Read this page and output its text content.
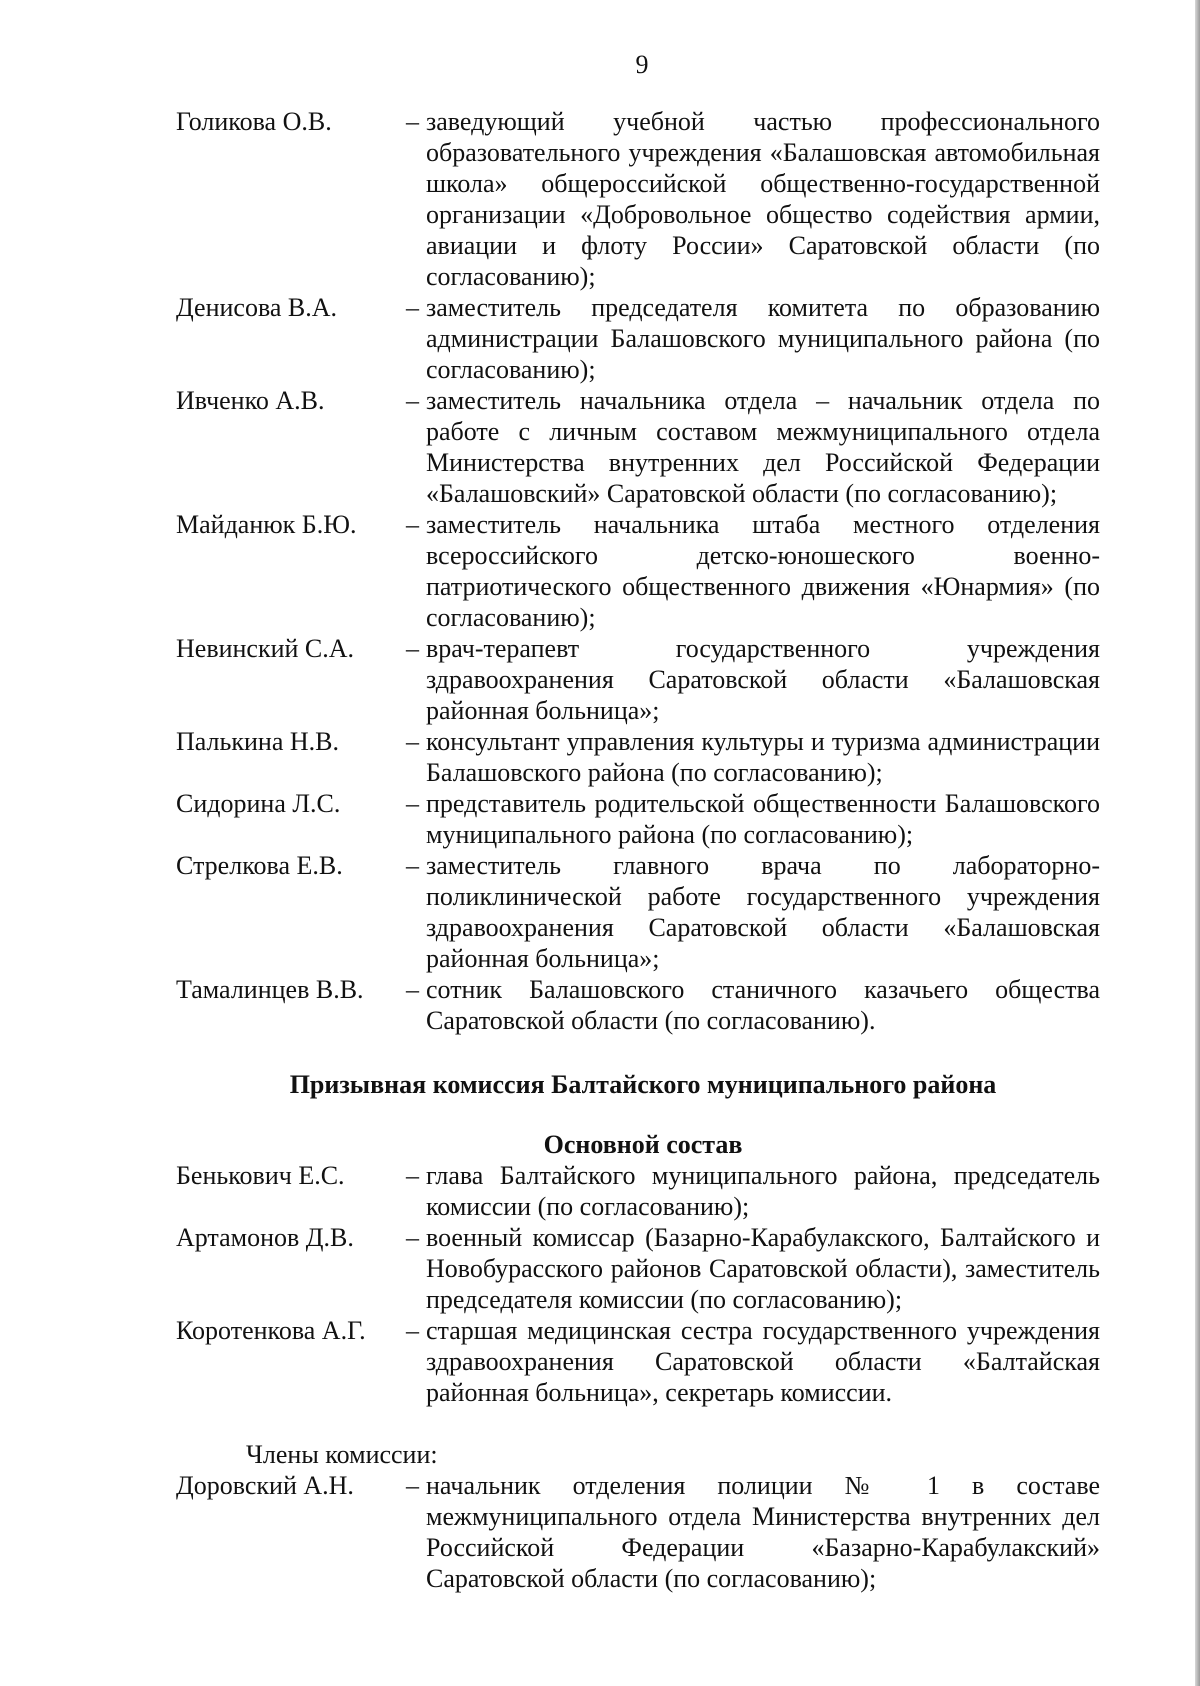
9
Голикова О.В.	– заведующий учебной частью профессионального образовательного учреждения «Балашовская автомобильная школа» общероссийской общественно-государственной организации «Добровольное общество содействия армии, авиации и флоту России» Саратовской области (по согласованию);
Денисова В.А.	– заместитель председателя комитета по образованию администрации Балашовского муниципального района (по согласованию);
Ивченко А.В.	– заместитель начальника отдела – начальник отдела по работе с личным составом межмуниципального отдела Министерства внутренних дел Российской Федерации «Балашовский» Саратовской области (по согласованию);
Майданюк Б.Ю.	– заместитель начальника штаба местного отделения всероссийского детско-юношеского военно-патриотического общественного движения «Юнармия» (по согласованию);
Невинский С.А.	– врач-терапевт государственного учреждения здравоохранения Саратовской области «Балашовская районная больница»;
Палькина Н.В.	– консультант управления культуры и туризма администрации Балашовского района (по согласованию);
Сидорина Л.С.	– представитель родительской общественности Балашовского муниципального района (по согласованию);
Стрелкова Е.В.	– заместитель главного врача по лабораторно-поликлинической работе государственного учреждения здравоохранения Саратовской области «Балашовская районная больница»;
Тамалинцев В.В.	– сотник Балашовского станичного казачьего общества Саратовской области (по согласованию).
Призывная комиссия Балтайского муниципального района
Основной состав
Бенькович Е.С.	– глава Балтайского муниципального района, председатель комиссии (по согласованию);
Артамонов Д.В.	– военный комиссар (Базарно-Карабулакского, Балтайского и Новобурасского районов Саратовской области), заместитель председателя комиссии (по согласованию);
Коротенкова А.Г.	– старшая медицинская сестра государственного учреждения здравоохранения Саратовской области «Балтайская районная больница», секретарь комиссии.
Члены комиссии:
Доровский А.Н.	– начальник отделения полиции № 1 в составе межмуниципального отдела Министерства внутренних дел Российской Федерации «Базарно-Карабулакский» Саратовской области (по согласованию);
